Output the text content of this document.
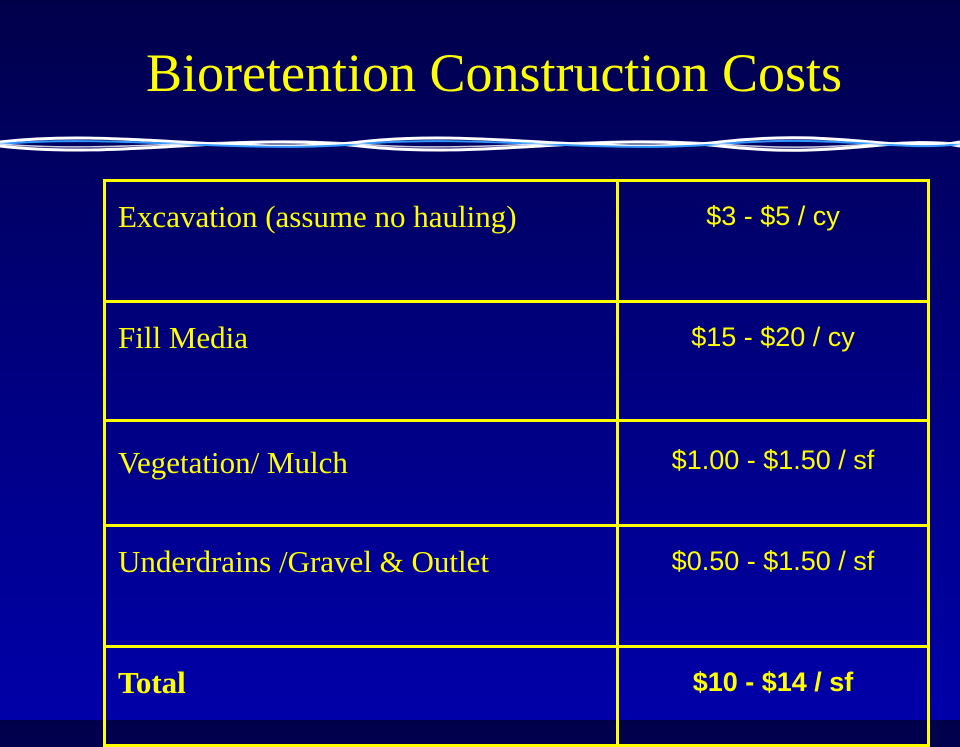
Bioretention Construction Costs
Excavation (assume no hauling)	$3 - $5 / cy
Fill Media	$15 - $20 / cy
Vegetation/ Mulch	$1.00 - $1.50 / sf
Underdrains /Gravel & Outlet	$0.50 - $1.50 / sf
Total	$10 - $14 / sf
